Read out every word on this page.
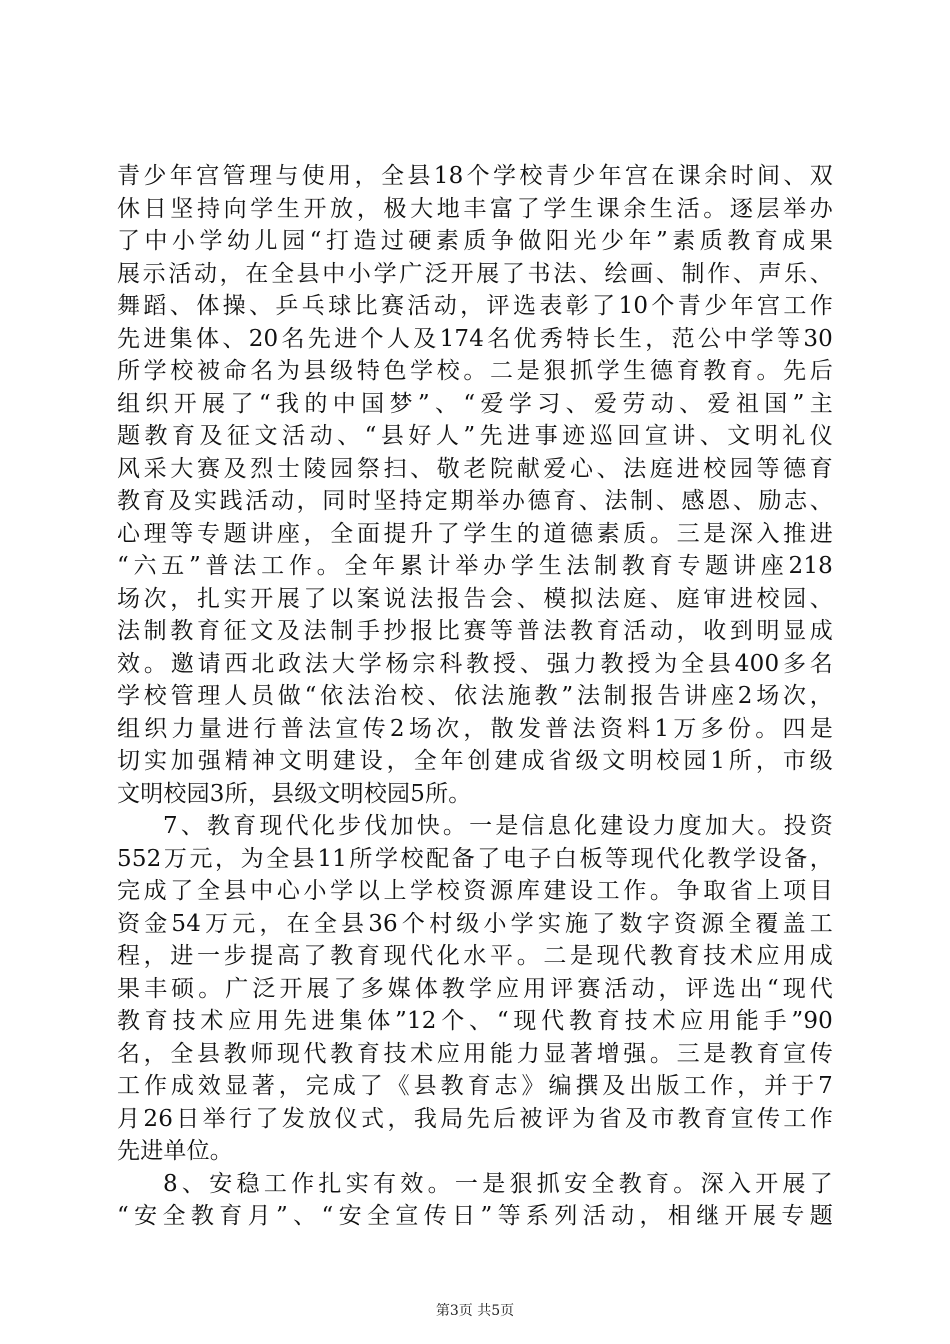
青少年宫管理与使用，全县18个学校青少年宫在课余时间、双
休日坚持向学生开放，极大地丰富了学生课余生活。逐层举办
了中小学幼儿园“打造过硬素质争做阳光少年”素质教育成果
展示活动，在全县中小学广泛开展了书法、绘画、制作、声乐、
舞蹈、体操、乒乓球比赛活动，评选表彰了10个青少年宫工作
先进集体、20名先进个人及174名优秀特长生，范公中学等30
所学校被命名为县级特色学校。二是狠抓学生德育教育。先后
组织开展了“我的中国梦”、“爱学习、爱劳动、爱祖国”主
题教育及征文活动、“县好人”先进事迹巡回宣讲、文明礼仪
风采大赛及烈士陵园祭扫、敬老院献爱心、法庭进校园等德育
教育及实践活动，同时坚持定期举办德育、法制、感恩、励志、
心理等专题讲座，全面提升了学生的道德素质。三是深入推进
“六五”普法工作。全年累计举办学生法制教育专题讲座218
场次，扎实开展了以案说法报告会、模拟法庭、庭审进校园、
法制教育征文及法制手抄报比赛等普法教育活动，收到明显成
效。邀请西北政法大学杨宗科教授、强力教授为全县400多名
学校管理人员做“依法治校、依法施教”法制报告讲座2场次，
组织力量进行普法宣传2场次，散发普法资料1万多份。四是
切实加强精神文明建设，全年创建成省级文明校园1所，市级
文明校园3所，县级文明校园5所。
7、教育现代化步伐加快。一是信息化建设力度加大。投资
552万元，为全县11所学校配备了电子白板等现代化教学设备，
完成了全县中心小学以上学校资源库建设工作。争取省上项目
资金54万元，在全县36个村级小学实施了数字资源全覆盖工
程，进一步提高了教育现代化水平。二是现代教育技术应用成
果丰硕。广泛开展了多媒体教学应用评赛活动，评选出“现代
教育技术应用先进集体”12个、“现代教育技术应用能手”90
名，全县教师现代教育技术应用能力显著增强。三是教育宣传
工作成效显著，完成了《县教育志》编撰及出版工作，并于7
月26日举行了发放仪式，我局先后被评为省及市教育宣传工作
先进单位。
8、安稳工作扎实有效。一是狠抓安全教育。深入开展了
“安全教育月”、“安全宣传日”等系列活动，相继开展专题
第3页 共5页
